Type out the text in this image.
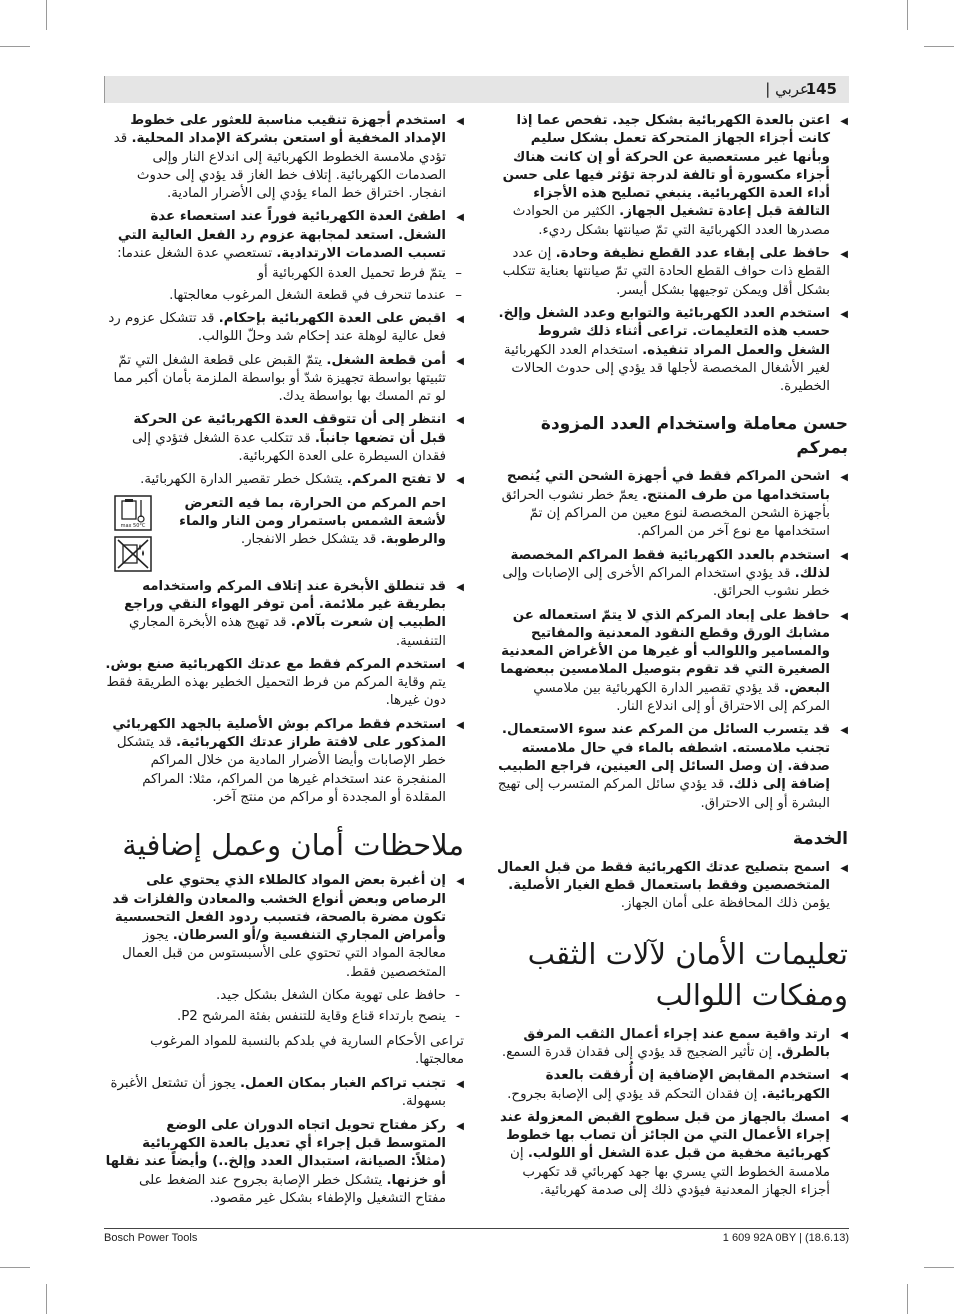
145
عربي |
◀ اعتن بالعدة الكهربائية بشكل جيد. تفحص عما إذا كانت أجزاء الجهاز المتحركة تعمل بشكل سليم وبأنها غير مستعصية عن الحركة أو إن كانت هناك أجزاء مكسورة أو تالفة لدرجة تؤثر فيها على حسن أداء العدة الكهربائية. ينبغي تصليح هذه الأجزاء التالفة قبل إعادة تشغيل الجهاز. الكثير من الحوادث مصدرها العدد الكهربائية التي تمّ صيانتها بشكل رديء.
◀ حافظ على إبقاء عدد القطع نظيفة وحادة. إن عدد القطع ذات حواف القطع الحادة التي تمّ صيانتها بعناية تتكلب بشكل أقل ويمكن توجيهها بشكل أيسر.
◀ استخدم العدد الكهربائية والتوابع وعدد الشغل وإلخ. حسب هذه التعليمات. تراعى أثناء ذلك شروط الشغل والعمل المراد تنفيذه. استخدام العدد الكهربائية لغير الأشغال المخصصة لأجلها قد يؤدي إلى حدوث الحالات الخطيرة.
حسن معاملة واستخدام العدد المزودة بمركم
◀ اشحن المراكم فقط في أجهزة الشحن التي يُنصح باستخدامها من طرف المنتج. يعمّ خطر نشوب الحرائق بأجهزة الشحن المخصصة لنوع معين من المراكم إن تمّ استخدامها مع نوع آخر من المراكم.
◀ استخدم بالعدد الكهربائية فقط المراكم المخصصة لذلك. قد يؤدي استخدام المراكم الأخرى إلى الإصابات وإلى خطر نشوب الحرائق.
◀ حافظ على إبعاد المركم الذي لا يتمّ استعماله عن مشابك الورق وقطع النقود المعدنية والمفاتيح والمسامير واللوالب أو غيرها من الأغراض المعدنية الصغيرة التي قد تقوم بتوصيل الملامسين ببعضهما البعض. قد يؤدي تقصير الدارة الكهربائية بين ملامسي المركم إلى الاحتراق أو إلى اندلاع النار.
◀ قد يتسرب السائل من المركم عند سوء الاستعمال. تجنب ملامسته. اشطفه بالماء في حال ملامسته صدفة. إن وصل السائل إلى العينين، فراجع الطبيب إضافة إلى ذلك. قد يؤدي سائل المركم المتسرب إلى تهيج البشرة أو إلى الاحتراق.
الخدمة
◀ اسمح بتصليح عدتك الكهربائية فقط من قبل العمال المتخصصين وفقط باستعمال قطع الغيار الأصلية. يؤمن ذلك المحافظة على أمان الجهاز.
تعليمات الأمان لآلات الثقب ومفكات اللوالب
◀ ارتد واقية سمع عند إجراء أعمال الثقب المرفق بالطرق. إن تأثير الضجيج قد يؤدي إلى فقدان قدرة السمع.
◀ استخدم المقابض الإضافية إن أُرفقت بالعدة الكهربائية. إن فقدان التحكم قد يؤدي إلى الإصابة بجروح.
◀ امسك بالجهاز من قبل سطوح القبض المعزولة عند إجراء الأعمال التي من الجائز أن تصاب بها خطوط كهربائية مخفية من قبل عدة الشغل أو اللولب. إن ملامسة الخطوط التي يسري بها جهد كهربائي قد تكهرب أجزاء الجهاز المعدنية فيؤدي ذلك إلى صدمة كهربائية.
◀ استخدم أجهزة تنقيب مناسبة للعثور على خطوط الإمداد المخفية أو استعن بشركة الإمداد المحلية. قد تؤدي ملامسة الخطوط الكهربائية إلى اندلاع النار وإلى الصدمات الكهربائية. إتلاف خط الغاز قد يؤدي إلى حدوث انفجار. اختراق خط الماء يؤدي إلى الأضرار المادية.
◀ اطفئ العدة الكهربائية فوراً عند استعصاء عدة الشغل. استعد لمجابهة عزوم رد الفعل العالية التي تسبب الصدمات الارتدادية. تستعصي عدة الشغل عندما:
– يتمّ فرط تحميل العدة الكهربائية أو
– عندما تنحرف في قطعة الشغل المرغوب معالجتها.
◀ اقبض على العدة الكهربائية بإحكام. قد تتشكل عزوم رد فعل عالية لوهلة عند إحكام شد وحلّ اللوالب.
◀ أمن قطعة الشغل. يتمّ القبض على قطعة الشغل التي تمّ تثبيتها بواسطة تجهيزة شدّ أو بواسطة الملزمة بأمان أكبر مما لو تم المسك بها بواسطة يدك.
◀ انتظر إلى أن تتوقف العدة الكهربائية عن الحركة قبل أن تضعها جانباً. قد تتكلب عدة الشغل فتؤدي إلى فقدان السيطرة على العدة الكهربائية.
◀ لا تفتح المركم. يتشكل خطر تقصير الدارة الكهربائية.
احم المركم من الحرارة، بما فيه التعرض لأشعة الشمس باستمرار ومن النار والماء والرطوبة. قد يتشكل خطر الانفجار.
max 50°C
◀ قد تنطلق الأبخرة عند إتلاف المركم واستخدامه بطريقة غير ملائمة. أمن توفر الهواء النقي وراجع الطبيب إن شعرت بآلام. قد تهيج هذه الأبخرة المجاري التنفسية.
◀ استخدم المركم فقط مع عدتك الكهربائية صنع بوش. يتم وقاية المركم من فرط التحميل الخطير بهذه الطريقة فقط دون غيرها.
◀ استخدم فقط مراكم بوش الأصلية بالجهد الكهربائي المذكور على لافتة طراز عدتك الكهربائية. قد يتشكل خطر الإصابات وأيضا الأضرار المادية من خلال المراكم المنفجرة عند استخدام غيرها من المراكم، مثلا: المراكم المقلدة أو المجددة أو مراكم من منتج آخر.
ملاحظات أمان وعمل إضافية
◀ إن أغبرة بعض المواد كالطلاء الذي يحتوي على الرصاص وبعض أنواع الخشب والمعادن والفلزات قد تكون مضرة بالصحة، فتسبب ردود الفعل التحسسية وأمراض المجاري التنفسية و/أو السرطان. يجوز معالجة المواد التي تحتوي على الأسبستوس من قبل العمال المتخصصين فقط.
- حافظ على تهوية مكان الشغل بشكل جيد.
- ينصح بارتداء قناع وقاية للتنفس بفئة المرشح P2.
تراعى الأحكام السارية في بلدكم بالنسبة للمواد المرغوب معالجتها.
◀ تجنب تراكم الغبار بمكان العمل. يجوز أن تشتعل الأغبرة بسهولة.
◀ ركز مفتاح تحويل اتجاه الدوران على الوضع المتوسط قبل إجراء أي تعديل بالعدة الكهربائية (مثلاً: الصيانة، استبدال العدد وإلخ..) وأيضاً عند نقلها أو خزنها. يتشكل خطر الإصابة بجروح عند الضغط على مفتاح التشغيل والإطفاء بشكل غير مقصود.
Bosch Power Tools	1 609 92A 0BY | (18.6.13)
